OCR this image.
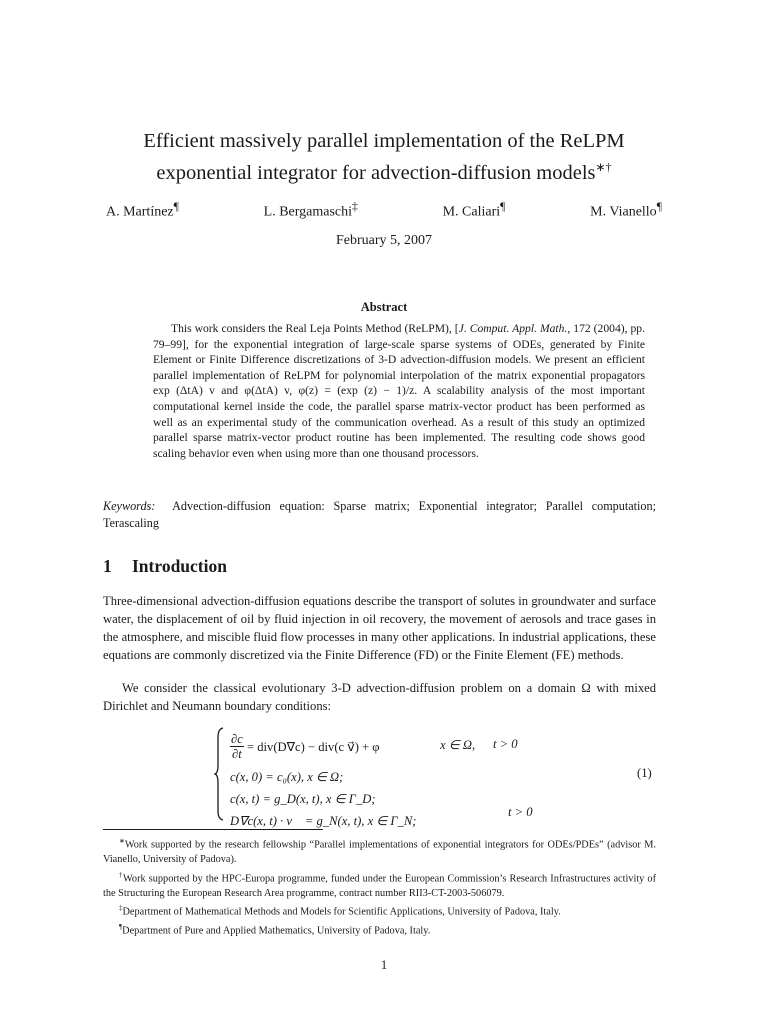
Efficient massively parallel implementation of the ReLPM
exponential integrator for advection-diffusion models∗†
A. Martínez¶	L. Bergamaschi‡	M. Caliari¶	M. Vianello¶
February 5, 2007
Abstract

This work considers the Real Leja Points Method (ReLPM), [J. Comput. Appl. Math., 172 (2004), pp. 79–99], for the exponential integration of large-scale sparse systems of ODEs, generated by Finite Element or Finite Difference discretizations of 3-D advection-diffusion models. We present an efficient parallel implementation of ReLPM for polynomial interpolation of the matrix exponential propagators exp (ΔtA) v and φ(ΔtA) v, φ(z) = (exp (z) − 1)/z. A scalability analysis of the most important computational kernel inside the code, the parallel sparse matrix-vector product has been performed as well as an experimental study of the communication overhead. As a result of this study an optimized parallel sparse matrix-vector product routine has been implemented. The resulting code shows good scaling behavior even when using more than one thousand processors.

Keywords: Advection-diffusion equation: Sparse matrix; Exponential integrator; Parallel computation; Terascaling

1 Introduction

Three-dimensional advection-diffusion equations describe the transport of solutes in groundwater and surface water, the displacement of oil by fluid injection in oil recovery, the movement of aerosols and trace gases in the atmosphere, and miscible fluid flow processes in many other applications. In industrial applications, these equations are commonly discretized via the Finite Difference (FD) or the Finite Element (FE) methods.

We consider the classical evolutionary 3-D advection-diffusion problem on a domain Ω with mixed Dirichlet and Neumann boundary conditions:

$\frac{\partial c}{\partial t} = div(D\nabla c) - div(c$ v⃗) + φ	x ∈ Ω, t > 0
c(x, 0) = c₀(x), x ∈ Ω;
c(x, t) = g_D(x, t), x ∈ Γ_D;
D∇c(x, t) · ν⃗ = g_N(x, t), x ∈ Γ_N;
t > 0
(1)

∗Work supported by the research fellowship “Parallel implementations of exponential integrators for ODEs/PDEs” (advisor M. Vianello, University of Padova).

†Work supported by the HPC-Europa programme, funded under the European Commission’s Research Infrastructures activity of the Structuring the European Research Area programme, contract number RII3-CT-2003-506079.

‡Department of Mathematical Methods and Models for Scientific Applications, University of Padova, Italy.

¶Department of Pure and Applied Mathematics, University of Padova, Italy.

1
